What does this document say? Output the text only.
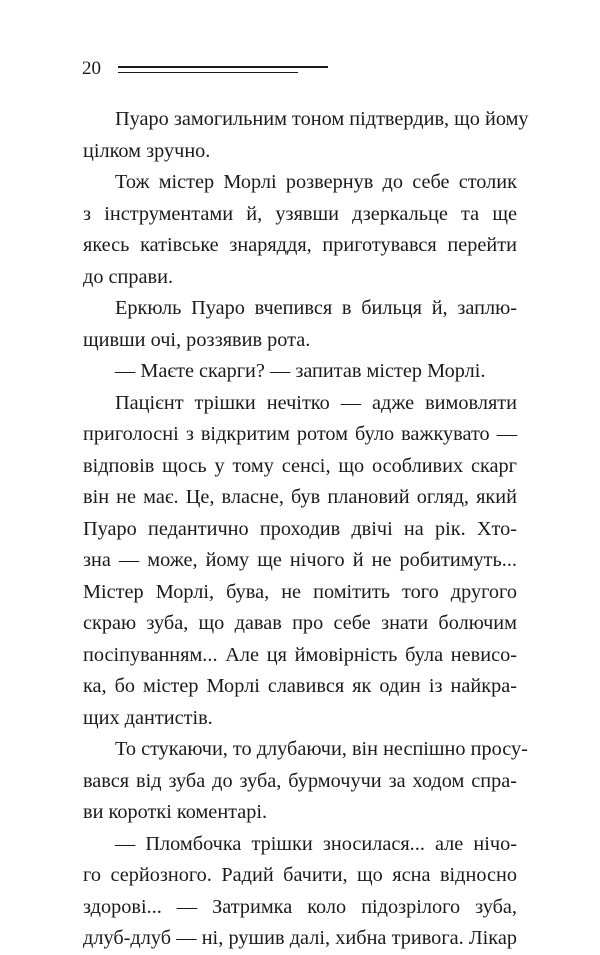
20

Пуаро замогильним тоном підтвердив, що йому
цілком зручно.

Тож містер Морлі розвернув до себе столик
з інструментами й, узявши дзеркальце та ще
якесь катівське знаряддя, приготувався перейти
до справи.

Еркюль Пуаро вчепився в бильця й, заплю-
щивши очі, роззявив рота.

— Маєте скарги? — запитав містер Морлі.

Пацієнт трішки нечітко — адже вимовляти
приголосні з відкритим ротом було важкувато —
відповів щось у тому сенсі, що особливих скарг
він не має. Це, власне, був плановий огляд, який
Пуаро педантично проходив двічі на рік. Хто-
зна — може, йому ще нічого й не робитимуть...
Містер Морлі, бува, не помітить того другого
скраю зуба, що давав про себе знати болючим
посіпуванням... Але ця ймовірність була невисо-
ка, бо містер Морлі славився як один із найкра-
щих дантистів.

То стукаючи, то длубаючи, він неспішно просу-
вався від зуба до зуба, бурмочучи за ходом спра-
ви короткі коментарі.

— Пломбочка трішки зносилася... але нічо-
го серйозного. Радий бачити, що ясна відносно
здорові... — Затримка коло підозрілого зуба,
длуб-длуб — ні, рушив далі, хибна тривога. Лікар
